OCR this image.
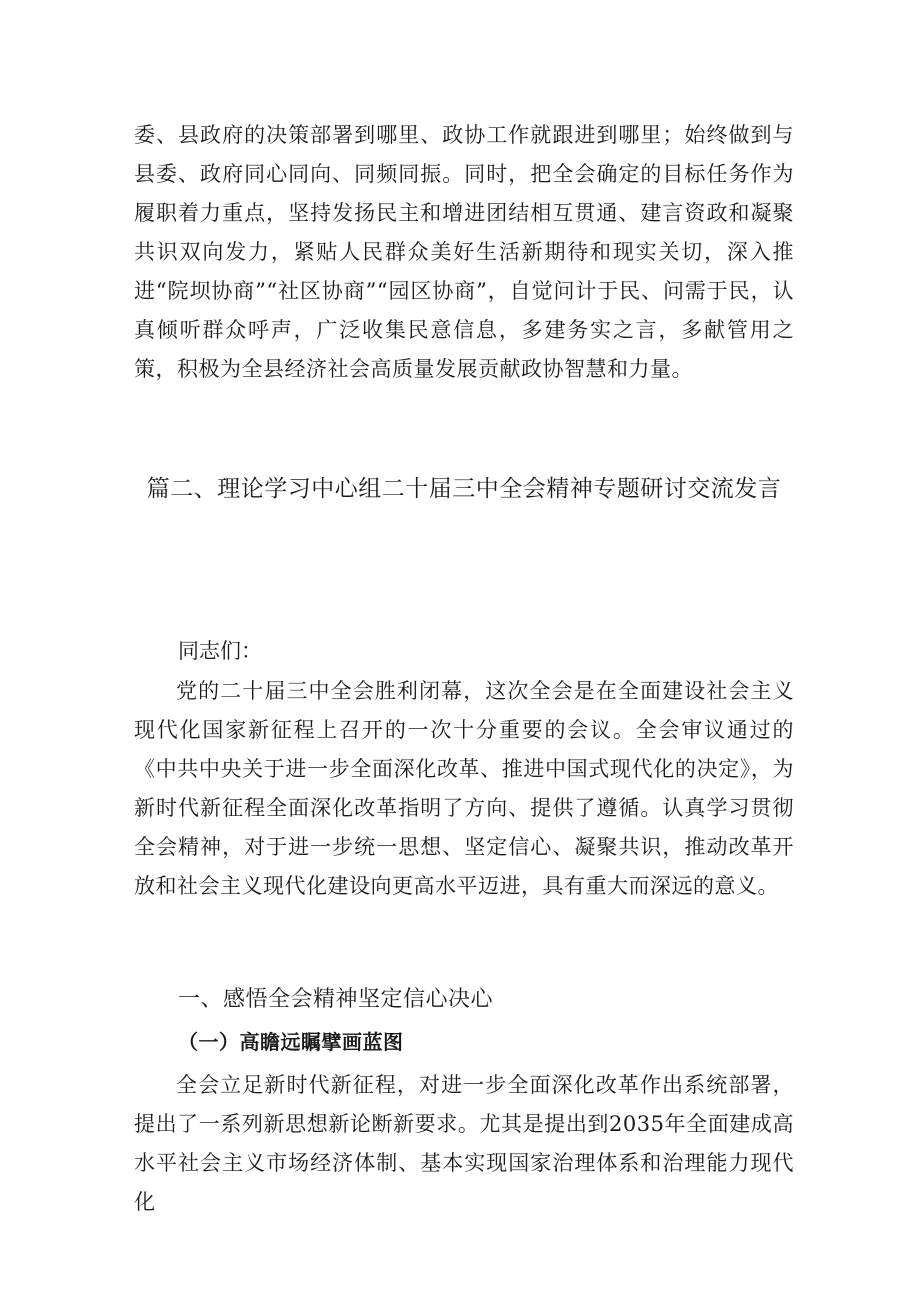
委、县政府的决策部署到哪里、政协工作就跟进到哪里；始终做到与县委、政府同心同向、同频同振。同时，把全会确定的目标任务作为履职着力重点，坚持发扬民主和增进团结相互贯通、建言资政和凝聚共识双向发力，紧贴人民群众美好生活新期待和现实关切，深入推进“院坝协商”“社区协商”“园区协商”，自觉问计于民、问需于民，认真倾听群众呼声，广泛收集民意信息，多建务实之言，多献管用之策，积极为全县经济社会高质量发展贡献政协智慧和力量。

篇二、理论学习中心组二十届三中全会精神专题研讨交流发言

同志们：

党的二十届三中全会胜利闭幕，这次全会是在全面建设社会主义现代化国家新征程上召开的一次十分重要的会议。全会审议通过的《中共中央关于进一步全面深化改革、推进中国式现代化的决定》，为新时代新征程全面深化改革指明了方向、提供了遵循。认真学习贯彻全会精神，对于进一步统一思想、坚定信心、凝聚共识，推动改革开放和社会主义现代化建设向更高水平迈进，具有重大而深远的意义。

一、感悟全会精神坚定信心决心
（一）高瞻远瞩擘画蓝图

全会立足新时代新征程，对进一步全面深化改革作出系统部署，提出了一系列新思想新论断新要求。尤其是提出到2035年全面建成高水平社会主义市场经济体制、基本实现国家治理体系和治理能力现代化
